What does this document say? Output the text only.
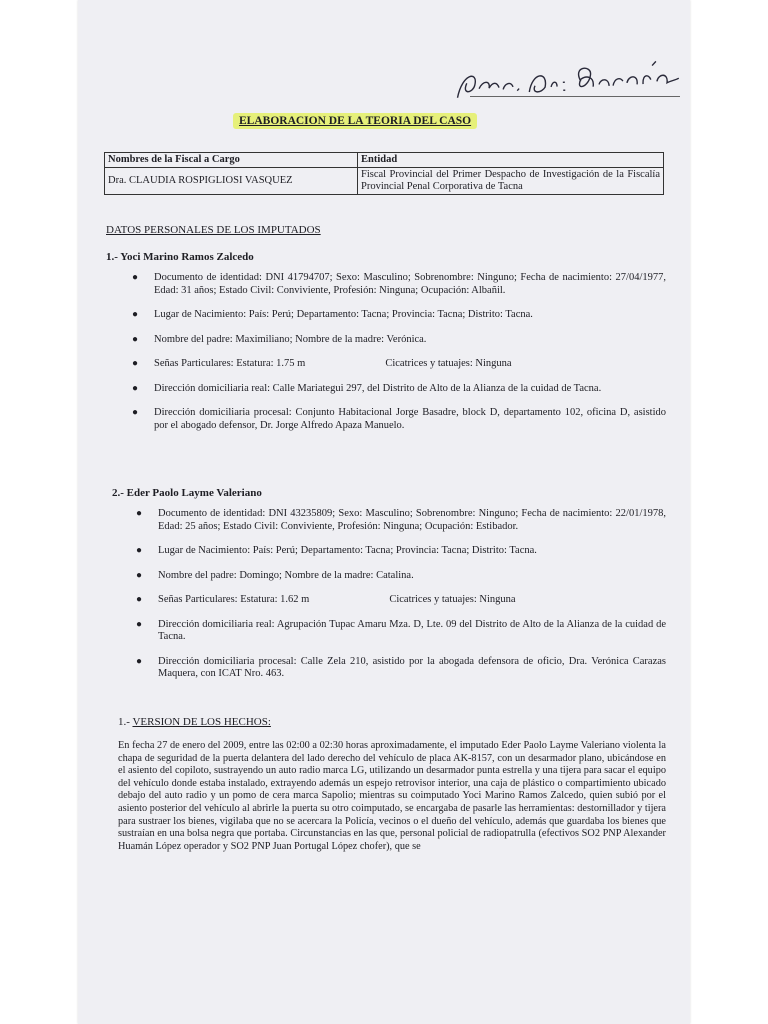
ELABORACION DE LA TEORIA DEL CASO
Nombres de la Fiscal a Cargo	Entidad
Dra. CLAUDIA ROSPIGLIOSI VASQUEZ	Fiscal Provincial del Primer Despacho de Investigación de la Fiscalía Provincial Penal Corporativa de Tacna
DATOS PERSONALES DE LOS IMPUTADOS
1.- Yoci Marino Ramos Zalcedo
● Documento de identidad: DNI 41794707; Sexo: Masculino; Sobrenombre: Ninguno; Fecha de nacimiento: 27/04/1977, Edad: 31 años; Estado Civil: Conviviente, Profesión: Ninguna; Ocupación: Albañil.
● Lugar de Nacimiento: País: Perú; Departamento: Tacna; Provincia: Tacna; Distrito: Tacna.
● Nombre del padre: Maximiliano; Nombre de la madre: Verónica.
● Señas Particulares: Estatura: 1.75 m	Cicatrices y tatuajes: Ninguna
● Dirección domiciliaria real: Calle Mariategui 297, del Distrito de Alto de la Alianza de la cuidad de Tacna.
● Dirección domiciliaria procesal: Conjunto Habitacional Jorge Basadre, block D, departamento 102, oficina D, asistido por el abogado defensor, Dr. Jorge Alfredo Apaza Manuelo.
2.- Eder Paolo Layme Valeriano
● Documento de identidad: DNI 43235809; Sexo: Masculino; Sobrenombre: Ninguno; Fecha de nacimiento: 22/01/1978, Edad: 25 años; Estado Civil: Conviviente, Profesión: Ninguna; Ocupación: Estibador.
● Lugar de Nacimiento: País: Perú; Departamento: Tacna; Provincia: Tacna; Distrito: Tacna.
● Nombre del padre: Domingo; Nombre de la madre: Catalina.
● Señas Particulares: Estatura: 1.62 m	Cicatrices y tatuajes: Ninguna
● Dirección domiciliaria real: Agrupación Tupac Amaru Mza. D, Lte. 09 del Distrito de Alto de la Alianza de la cuidad de Tacna.
● Dirección domiciliaria procesal: Calle Zela 210, asistido por la abogada defensora de oficio, Dra. Verónica Carazas Maquera, con ICAT Nro. 463.
1.- VERSION DE LOS HECHOS:

En fecha 27 de enero del 2009, entre las 02:00 a 02:30 horas aproximadamente, el imputado Eder Paolo Layme Valeriano violenta la chapa de seguridad de la puerta delantera del lado derecho del vehículo de placa AK-8157, con un desarmador plano, ubicándose en el asiento del copiloto, sustrayendo un auto radio marca LG, utilizando un desarmador punta estrella y una tijera para sacar el equipo del vehículo donde estaba instalado, extrayendo además un espejo retrovisor interior, una caja de plástico o compartimiento ubicado debajo del auto radio y un pomo de cera marca Sapolio; mientras su coimputado Yoci Marino Ramos Zalcedo, quien subió por el asiento posterior del vehículo al abrirle la puerta su otro coimputado, se encargaba de pasarle las herramientas: destornillador y tijera para sustraer los bienes, vigilaba que no se acercara la Policía, vecinos o el dueño del vehículo, además que guardaba los bienes que sustraían en una bolsa negra que portaba. Circunstancias en las que, personal policial de radiopatrulla (efectivos SO2 PNP Alexander Huamán López operador y SO2 PNP Juan Portugal López chofer), que se
